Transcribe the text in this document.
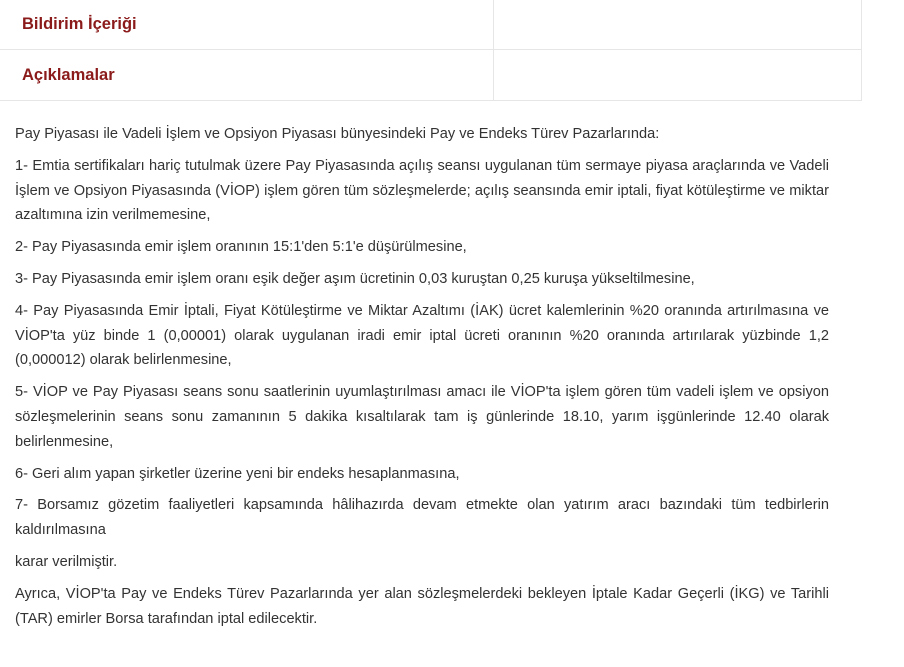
Bildirim İçeriği	
Açıklamalar	

Pay Piyasası ile Vadeli İşlem ve Opsiyon Piyasası bünyesindeki Pay ve Endeks Türev Pazarlarında:

1- Emtia sertifikaları hariç tutulmak üzere Pay Piyasasında açılış seansı uygulanan tüm sermaye piyasa araçlarında ve Vadeli İşlem ve Opsiyon Piyasasında (VİOP) işlem gören tüm sözleşmelerde; açılış seansında emir iptali, fiyat kötüleştirme ve miktar azaltımına izin verilmemesine,

2- Pay Piyasasında emir işlem oranının 15:1'den 5:1'e düşürülmesine,

3- Pay Piyasasında emir işlem oranı eşik değer aşım ücretinin 0,03 kuruştan 0,25 kuruşa yükseltilmesine,

4- Pay Piyasasında Emir İptali, Fiyat Kötüleştirme ve Miktar Azaltımı (İAK) ücret kalemlerinin %20 oranında artırılmasına ve VİOP'ta yüz binde 1 (0,00001) olarak uygulanan iradi emir iptal ücreti oranının %20 oranında artırılarak yüzbinde 1,2 (0,000012) olarak belirlenmesine,

5- VİOP ve Pay Piyasası seans sonu saatlerinin uyumlaştırılması amacı ile VİOP'ta işlem gören tüm vadeli işlem ve opsiyon sözleşmelerinin seans sonu zamanının 5 dakika kısaltılarak tam iş günlerinde 18.10, yarım işgünlerinde 12.40 olarak belirlenmesine,

6- Geri alım yapan şirketler üzerine yeni bir endeks hesaplanmasına,

7- Borsamız gözetim faaliyetleri kapsamında hâlihazırda devam etmekte olan yatırım aracı bazındaki tüm tedbirlerin kaldırılmasına

karar verilmiştir.

Ayrıca, VİOP'ta Pay ve Endeks Türev Pazarlarında yer alan sözleşmelerdeki bekleyen İptale Kadar Geçerli (İKG) ve Tarihli (TAR) emirler Borsa tarafından iptal edilecektir.
